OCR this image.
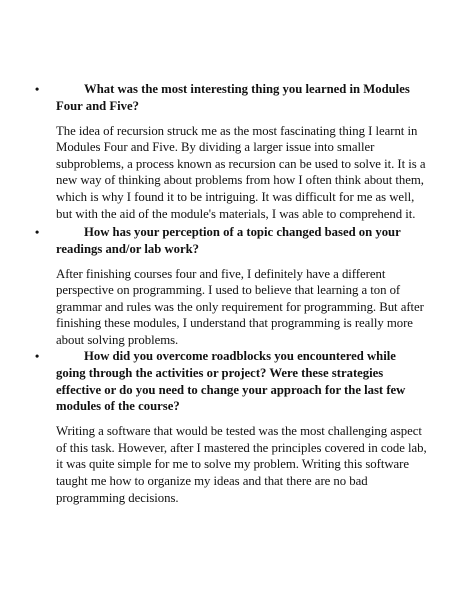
•	What was the most interesting thing you learned in Modules Four and Five?

The idea of recursion struck me as the most fascinating thing I learnt in Modules Four and Five. By dividing a larger issue into smaller subproblems, a process known as recursion can be used to solve it. It is a new way of thinking about problems from how I often think about them, which is why I found it to be intriguing. It was difficult for me as well, but with the aid of the module's materials, I was able to comprehend it.

•	How has your perception of a topic changed based on your readings and/or lab work?

After finishing courses four and five, I definitely have a different perspective on programming. I used to believe that learning a ton of grammar and rules was the only requirement for programming. But after finishing these modules, I understand that programming is really more about solving problems.

•	How did you overcome roadblocks you encountered while going through the activities or project? Were these strategies effective or do you need to change your approach for the last few modules of the course?

Writing a software that would be tested was the most challenging aspect of this task. However, after I mastered the principles covered in code lab, it was quite simple for me to solve my problem. Writing this software taught me how to organize my ideas and that there are no bad programming decisions.
